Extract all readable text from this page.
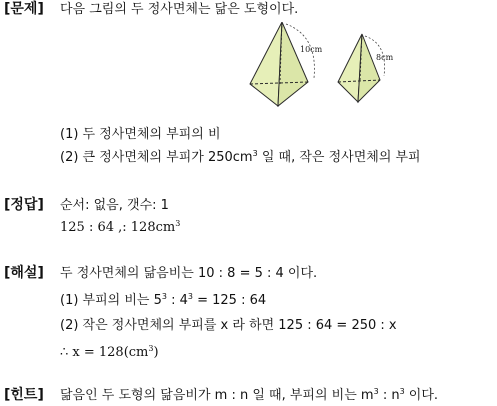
[문제] 다음 그림의 두 정사면체는 닮은 도형이다.
10cm
8cm
(1) 두 정사면체의 부피의 비
(2) 큰 정사면체의 부피가 $250cm^3$ 일 때, 작은 정사면체의 부피
[정답] 순서: 없음, 갯수: 1
125 : 64 ,: $128cm^3$
[해설] 두 정사면체의 닮음비는 10 : 8 = 5 : 4 이다.
(1) 부피의 비는 $5^3$ : $4^3 = 125$ : 64
(2) 작은 정사면체의 부피를 x 라 하면 125 : 64 = 250 : x
∴ $x = 128(cm^3)$
[힌트] 닮음인 두 도형의 닮음비가 m : n 일 때, 부피의 비는 $m^3$ : $n^3$ 이다.
